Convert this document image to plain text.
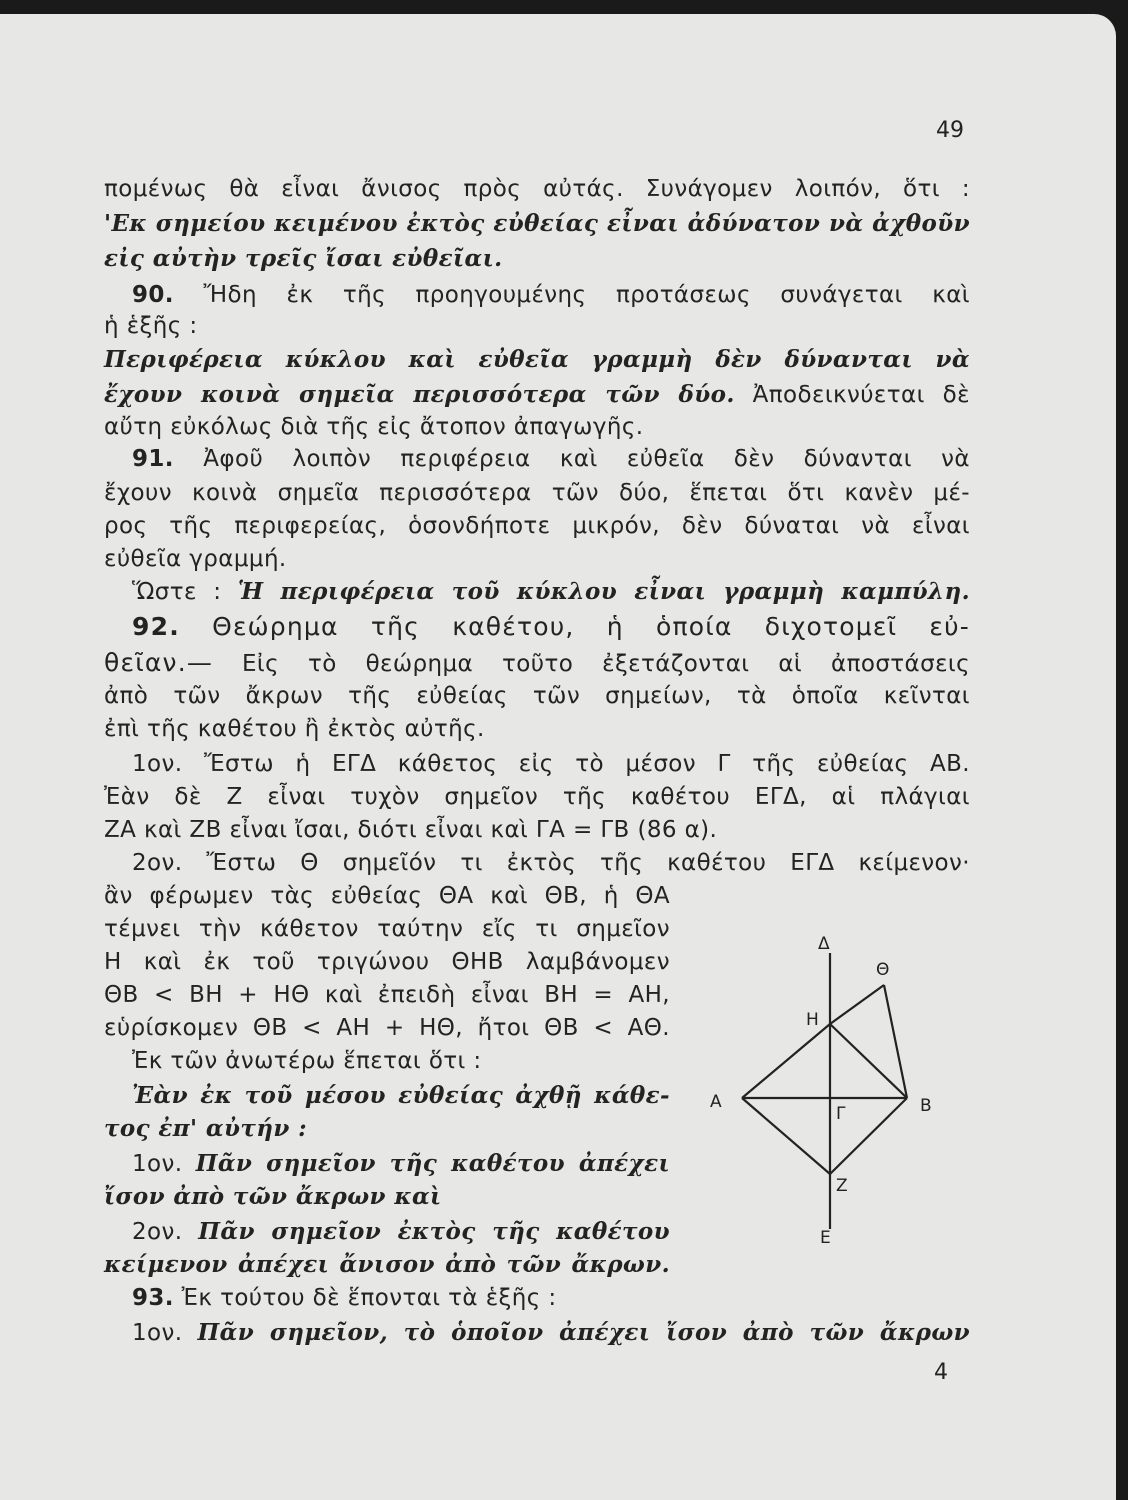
49
πομένως θὰ εἶναι ἄνισος πρὸς αὐτάς. Συνάγομεν λοιπόν, ὅτι :
'Εκ σημείου κειμένου ἐκτὸς εὐθείας εἶναι ἀδύνατον νὰ ἀχθοῦν
εἰς αὐτὴν τρεῖς ἴσαι εὐθεῖαι.
90. Ἤδη ἐκ τῆς προηγουμένης προτάσεως συνάγεται καὶ
ἡ ἑξῆς :
Περιφέρεια κύκλου καὶ εὐθεῖα γραμμὴ δὲν δύνανται νὰ
ἔχουν κοινὰ σημεῖα περισσότερα τῶν δύο. Ἀποδεικνύεται δὲ
αὔτη εὐκόλως διὰ τῆς εἰς ἄτοπον ἀπαγωγῆς.
91. Ἀφοῦ λοιπὸν περιφέρεια καὶ εὐθεῖα δὲν δύνανται νὰ
ἔχουν κοινὰ σημεῖα περισσότερα τῶν δύο, ἕπεται ὅτι κανὲν μέ-
ρος τῆς περιφερείας, ὁσονδήποτε μικρόν, δὲν δύναται νὰ εἶναι
εὐθεῖα γραμμή.
Ὥστε : Ἡ περιφέρεια τοῦ κύκλου εἶναι γραμμὴ καμπύλη.
92. Θεώρημα τῆς καθέτου, ἡ ὁποία διχοτομεῖ εὐ-
θεῖαν.— Εἰς τὸ θεώρημα τοῦτο ἐξετάζονται αἱ ἀποστάσεις
ἀπὸ τῶν ἄκρων τῆς εὐθείας τῶν σημείων, τὰ ὁποῖα κεῖνται
ἐπὶ τῆς καθέτου ἢ ἐκτὸς αὐτῆς.
1ον. Ἔστω ἡ ΕΓΔ κάθετος εἰς τὸ μέσον Γ τῆς εὐθείας ΑΒ.
Ἐὰν δὲ Ζ εἶναι τυχὸν σημεῖον τῆς καθέτου ΕΓΔ, αἱ πλάγιαι
ΖΑ καὶ ΖΒ εἶναι ἴσαι, διότι εἶναι καὶ ΓΑ = ΓΒ (86 α).
2ον. Ἔστω Θ σημεῖόν τι ἐκτὸς τῆς καθέτου ΕΓΔ κείμενον·
ἂν φέρωμεν τὰς εὐθείας ΘΑ καὶ ΘΒ, ἡ ΘΑ
τέμνει τὴν κάθετον ταύτην εἴς τι σημεῖον
Η καὶ ἐκ τοῦ τριγώνου ΘΗΒ λαμβάνομεν
ΘΒ < ΒΗ + ΗΘ καὶ ἐπειδὴ εἶναι ΒΗ = ΑΗ,
εὑρίσκομεν ΘΒ < ΑΗ + ΗΘ, ἤτοι ΘΒ < ΑΘ.
Ἐκ τῶν ἀνωτέρω ἕπεται ὅτι :
Ἐὰν ἐκ τοῦ μέσου εὐθείας ἀχθῇ κάθε-
τος ἐπ' αὐτήν :
1ον. Πᾶν σημεῖον τῆς καθέτου ἀπέχει
ἴσον ἀπὸ τῶν ἄκρων καὶ
2ον. Πᾶν σημεῖον ἐκτὸς τῆς καθέτου
κείμενον ἀπέχει ἄνισον ἀπὸ τῶν ἄκρων.
93. Ἐκ τούτου δὲ ἕπονται τὰ ἑξῆς :
1ον. Πᾶν σημεῖον, τὸ ὁποῖον ἀπέχει ἴσον ἀπὸ τῶν ἄκρων
4
Δ
Θ
Η
Α	Β
Γ
Ζ
Ε
